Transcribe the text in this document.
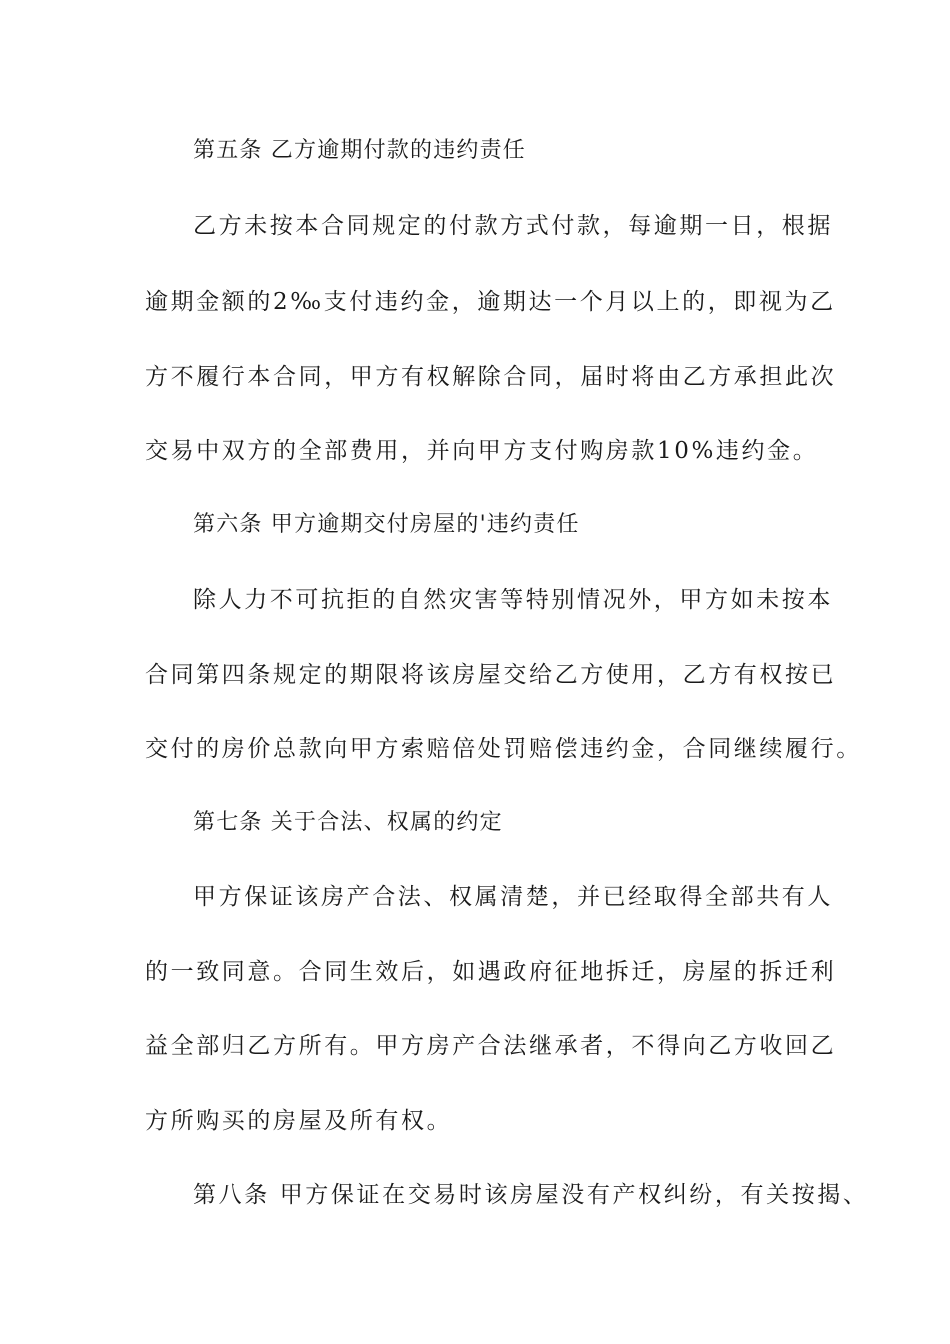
第五条 乙方逾期付款的违约责任
乙方未按本合同规定的付款方式付款，每逾期一日，根据
逾期金额的2‰支付违约金，逾期达一个月以上的，即视为乙
方不履行本合同，甲方有权解除合同，届时将由乙方承担此次
交易中双方的全部费用，并向甲方支付购房款10%违约金。
第六条 甲方逾期交付房屋的'违约责任
除人力不可抗拒的自然灾害等特别情况外，甲方如未按本
合同第四条规定的期限将该房屋交给乙方使用，乙方有权按已
交付的房价总款向甲方索赔倍处罚赔偿违约金，合同继续履行。
第七条 关于合法、权属的约定
甲方保证该房产合法、权属清楚，并已经取得全部共有人
的一致同意。合同生效后，如遇政府征地拆迁，房屋的拆迁利
益全部归乙方所有。甲方房产合法继承者，不得向乙方收回乙
方所购买的房屋及所有权。
第八条 甲方保证在交易时该房屋没有产权纠纷，有关按揭、
